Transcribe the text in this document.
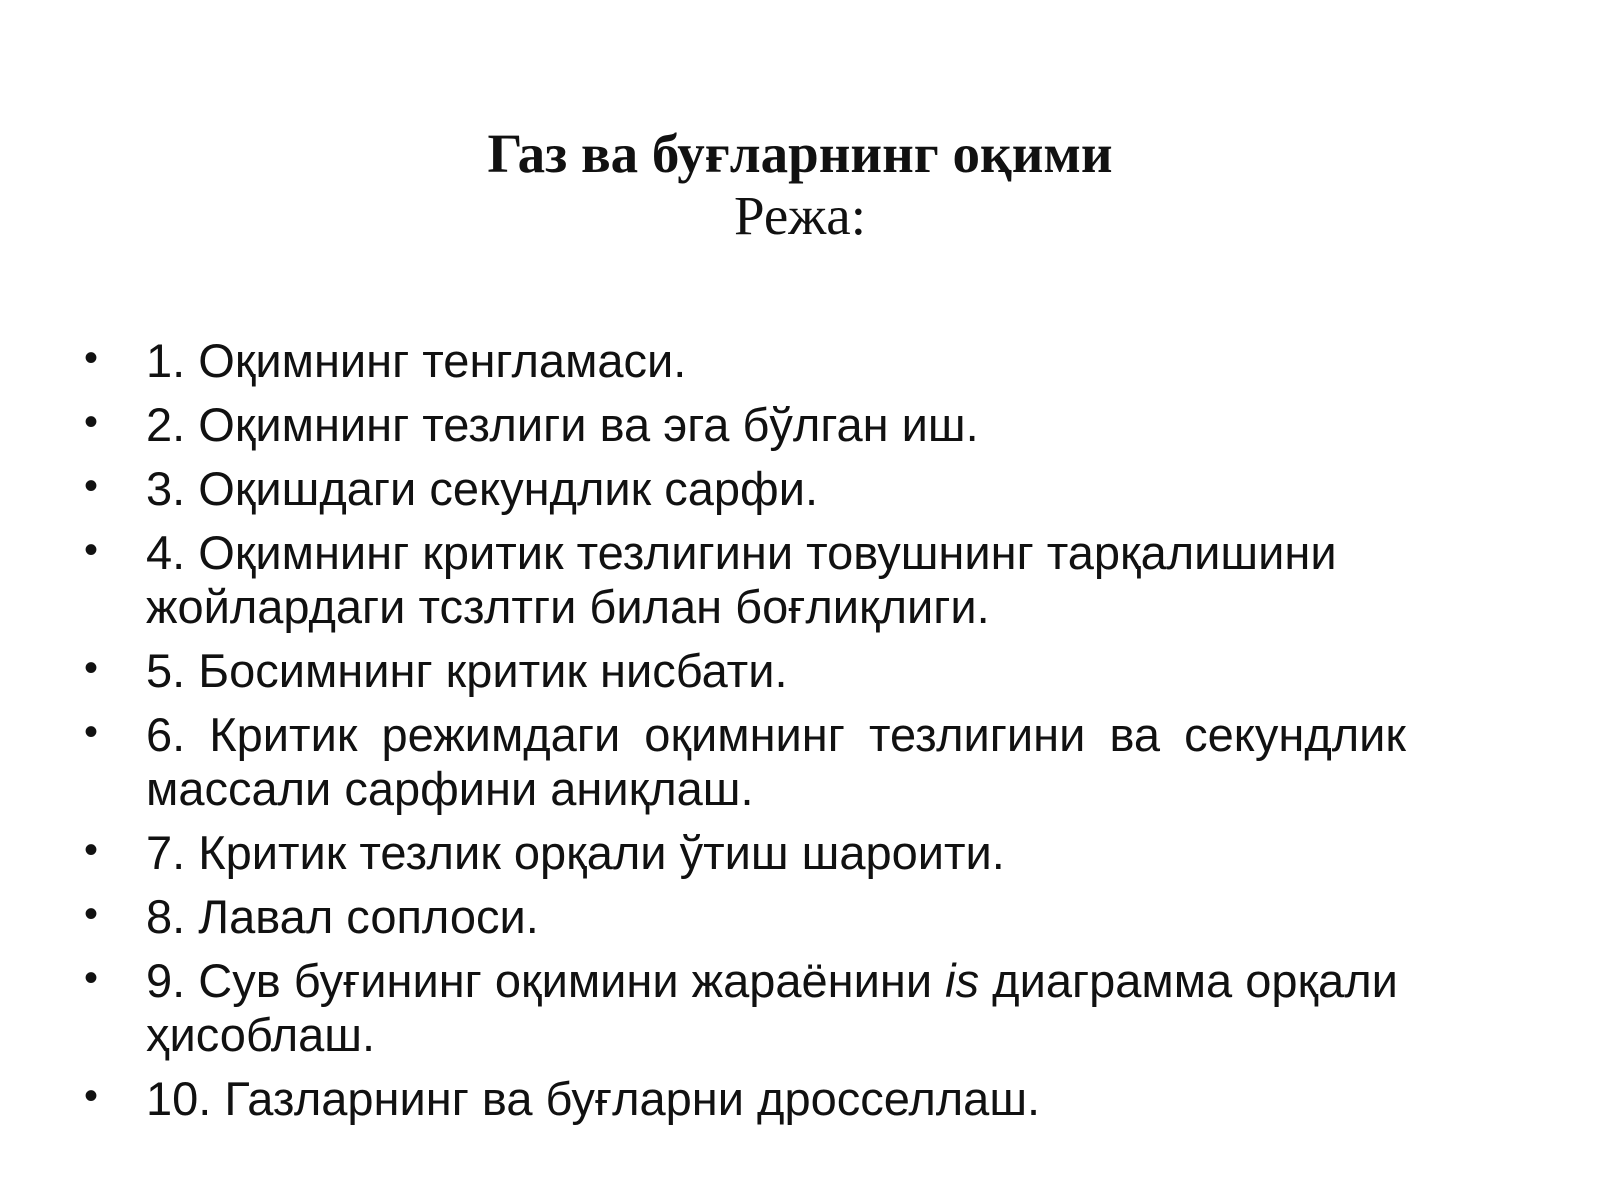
Газ ва буғларнинг оқими
Режа:
• 1. Оқимнинг тенгламаси.
• 2. Оқимнинг тезлиги ва эга бўлган иш.
• 3. Оқишдаги секундлик сарфи.
• 4. Оқимнинг критик тезлигини товушнинг тарқалишини жойлардаги тсзлтги билан боғлиқлиги.
• 5. Босимнинг критик нисбати.
• 6. Критик режимдаги оқимнинг тезлигини ва секундлик массали сарфини аниқлаш.
• 7. Критик тезлик орқали ўтиш шароити.
• 8. Лавал соплоси.
• 9. Сув буғининг оқимини жараёнини is диаграмма орқали ҳисоблаш.
• 10. Газларнинг ва буғларни дросселлаш.
